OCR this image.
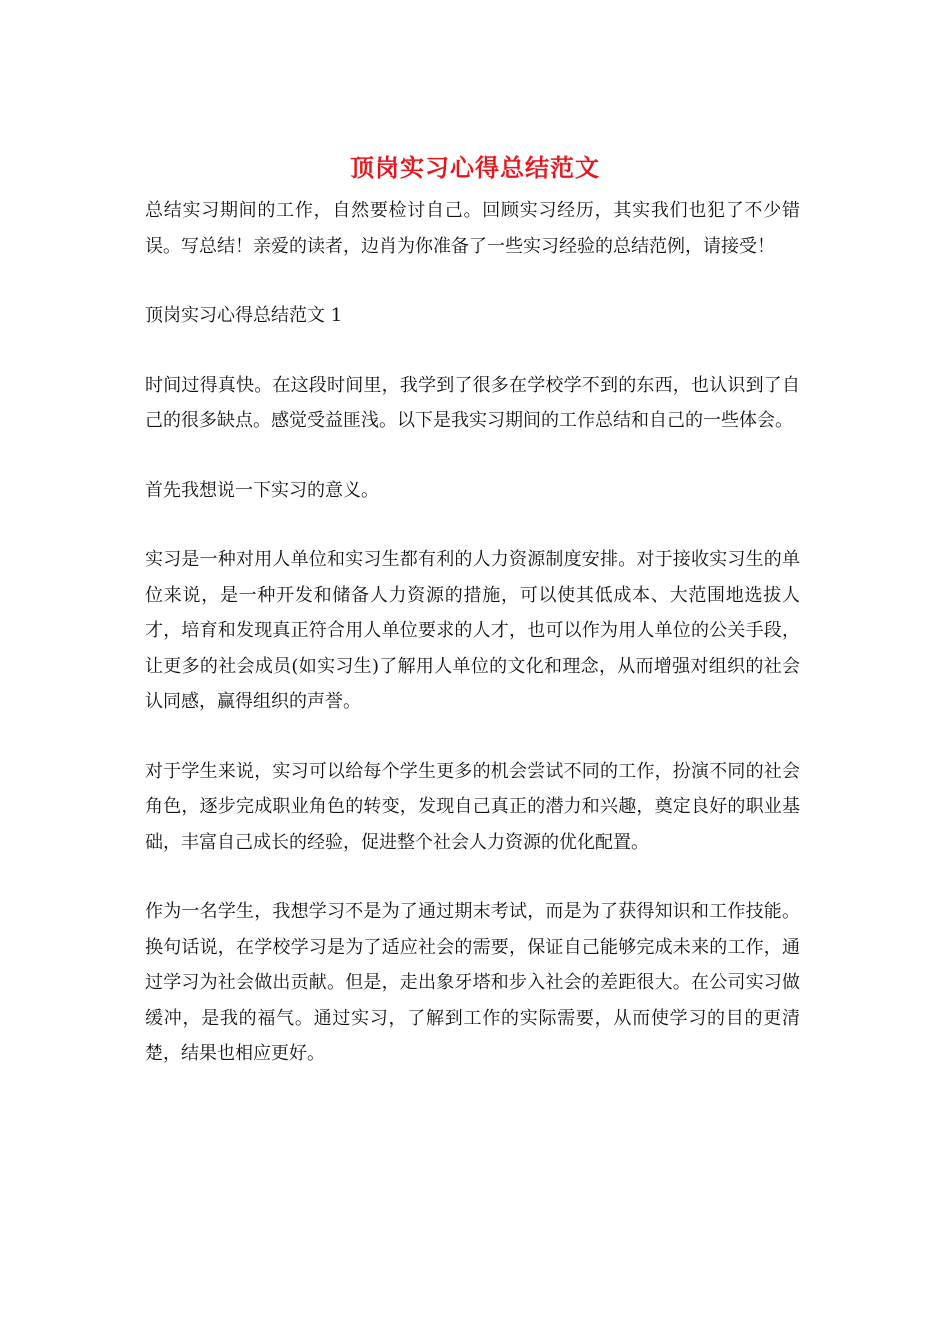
顶岗实习心得总结范文

总结实习期间的工作，自然要检讨自己。回顾实习经历，其实我们也犯了不少错误。写总结！亲爱的读者，边肖为你准备了一些实习经验的总结范例，请接受！

顶岗实习心得总结范文 1

时间过得真快。在这段时间里，我学到了很多在学校学不到的东西，也认识到了自己的很多缺点。感觉受益匪浅。以下是我实习期间的工作总结和自己的一些体会。

首先我想说一下实习的意义。

实习是一种对用人单位和实习生都有利的人力资源制度安排。对于接收实习生的单位来说，是一种开发和储备人力资源的措施，可以使其低成本、大范围地选拔人才，培育和发现真正符合用人单位要求的人才，也可以作为用人单位的公关手段，让更多的社会成员(如实习生)了解用人单位的文化和理念，从而增强对组织的社会认同感，赢得组织的声誉。

对于学生来说，实习可以给每个学生更多的机会尝试不同的工作，扮演不同的社会角色，逐步完成职业角色的转变，发现自己真正的潜力和兴趣，奠定良好的职业基础，丰富自己成长的经验，促进整个社会人力资源的优化配置。

作为一名学生，我想学习不是为了通过期末考试，而是为了获得知识和工作技能。换句话说，在学校学习是为了适应社会的需要，保证自己能够完成未来的工作，通过学习为社会做出贡献。但是，走出象牙塔和步入社会的差距很大。在公司实习做缓冲，是我的福气。通过实习，了解到工作的实际需要，从而使学习的目的更清楚，结果也相应更好。
